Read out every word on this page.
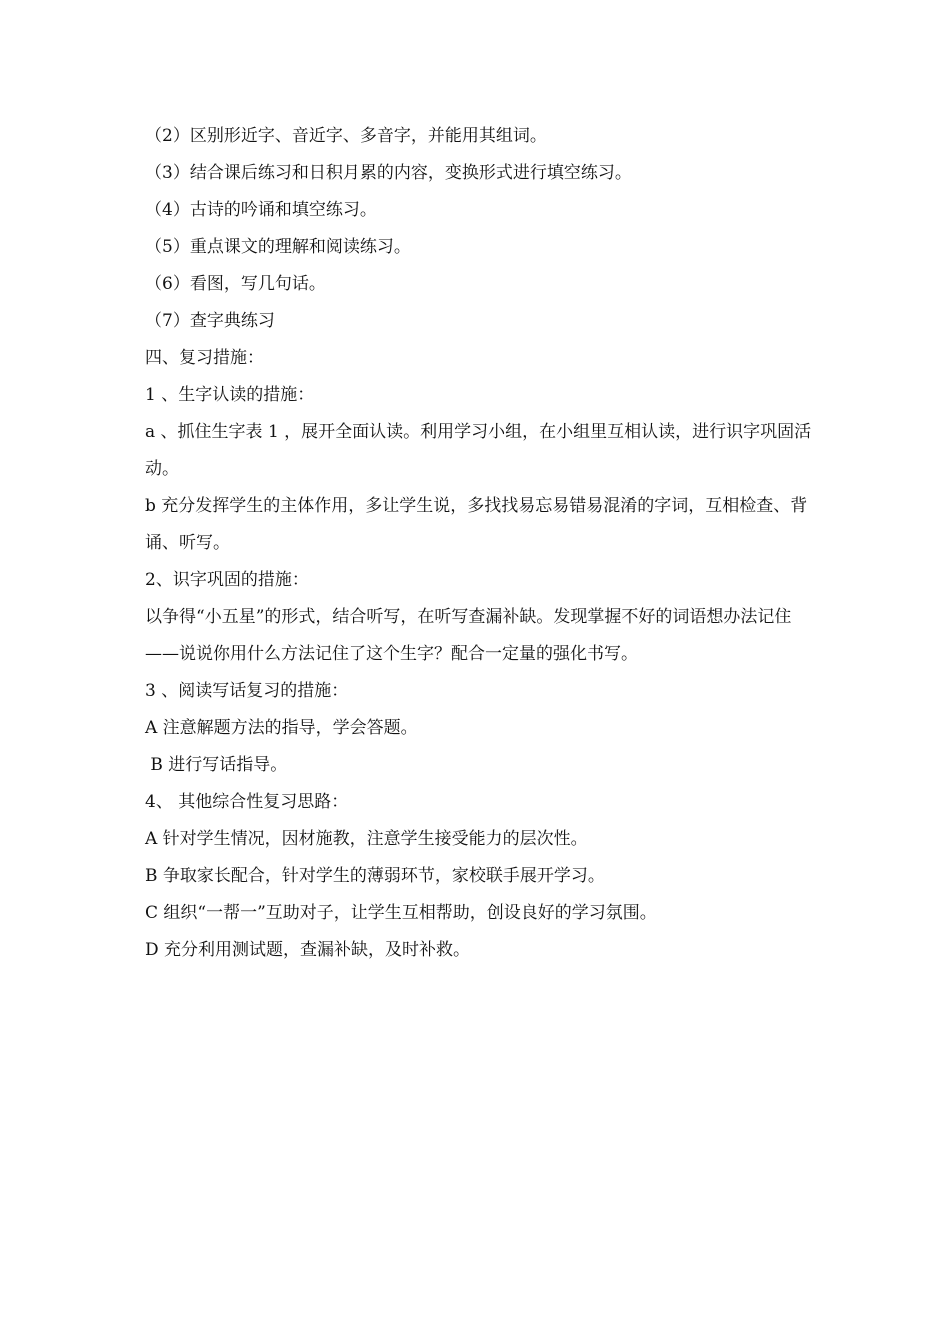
（2）区别形近字、音近字、多音字，并能用其组词。

（3）结合课后练习和日积月累的内容，变换形式进行填空练习。

（4）古诗的吟诵和填空练习。

（5）重点课文的理解和阅读练习。

（6）看图，写几句话。

（7）查字典练习

四、复习措施：

1 、生字认读的措施：

a 、抓住生字表 1 ，展开全面认读。利用学习小组，在小组里互相认读，进行识字巩固活动。

b 充分发挥学生的主体作用，多让学生说，多找找易忘易错易混淆的字词，互相检查、背诵、听写。

2、识字巩固的措施：

以争得“小五星”的形式，结合听写，在听写查漏补缺。发现掌握不好的词语想办法记住——说说你用什么方法记住了这个生字？配合一定量的强化书写。

3 、阅读写话复习的措施：

A 注意解题方法的指导，学会答题。

B 进行写话指导。

4、 其他综合性复习思路：

A 针对学生情况，因材施教，注意学生接受能力的层次性。

B 争取家长配合，针对学生的薄弱环节，家校联手展开学习。

C 组织“一帮一”互助对子，让学生互相帮助，创设良好的学习氛围。

D 充分利用测试题，查漏补缺，及时补救。
